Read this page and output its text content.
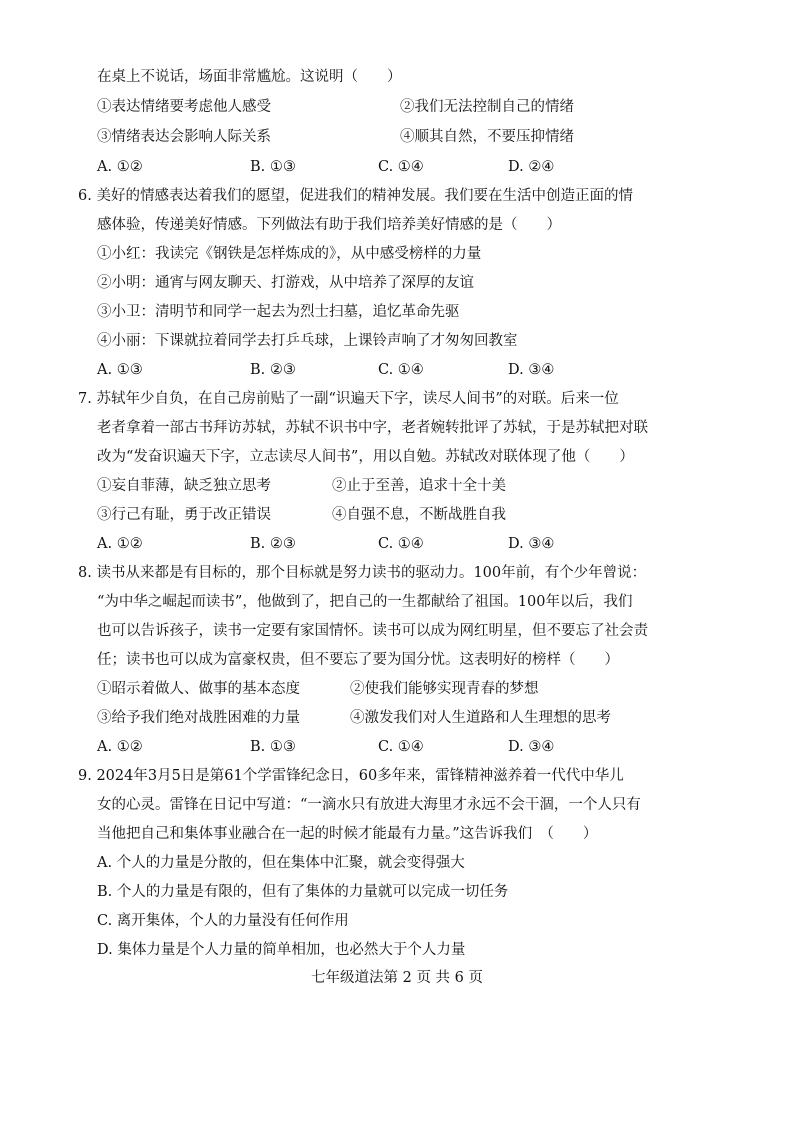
在桌上不说话，场面非常尴尬。这说明（　　）
①表达情绪要考虑他人感受	②我们无法控制自己的情绪
③情绪表达会影响人际关系	④顺其自然，不要压抑情绪
A. ①②	B. ①③	C. ①④	D. ②④
6. 美好的情感表达着我们的愿望，促进我们的精神发展。我们要在生活中创造正面的情
感体验，传递美好情感。下列做法有助于我们培养美好情感的是（　　）
①小红：我读完《钢铁是怎样炼成的》，从中感受榜样的力量
②小明：通宵与网友聊天、打游戏，从中培养了深厚的友谊
③小卫：清明节和同学一起去为烈士扫墓，追忆革命先驱
④小丽：下课就拉着同学去打乒乓球，上课铃声响了才匆匆回教室
A. ①③	B. ②③	C. ①④	D. ③④
7. 苏轼年少自负，在自己房前贴了一副“识遍天下字，读尽人间书”的对联。后来一位
老者拿着一部古书拜访苏轼，苏轼不识书中字，老者婉转批评了苏轼，于是苏轼把对联
改为“发奋识遍天下字，立志读尽人间书”，用以自勉。苏轼改对联体现了他（　　）
①妄自菲薄，缺乏独立思考	②止于至善，追求十全十美
③行己有耻，勇于改正错误	④自强不息，不断战胜自我
A. ①②	B. ②③	C. ①④	D. ③④
8. 读书从来都是有目标的，那个目标就是努力读书的驱动力。100年前，有个少年曾说：
“为中华之崛起而读书”，他做到了，把自己的一生都献给了祖国。100年以后，我们
也可以告诉孩子，读书一定要有家国情怀。读书可以成为网红明星，但不要忘了社会责
任；读书也可以成为富豪权贵，但不要忘了要为国分忧。这表明好的榜样（　　）
①昭示着做人、做事的基本态度	②使我们能够实现青春的梦想
③给予我们绝对战胜困难的力量	④激发我们对人生道路和人生理想的思考
A. ①②	B. ①③	C. ①④	D. ③④
9. 2024年3月5日是第61个学雷锋纪念日，60多年来，雷锋精神滋养着一代代中华儿
女的心灵。雷锋在日记中写道：“一滴水只有放进大海里才永远不会干涸，一个人只有
当他把自己和集体事业融合在一起的时候才能最有力量。”这告诉我们　（　　）
A. 个人的力量是分散的，但在集体中汇聚，就会变得强大
B. 个人的力量是有限的，但有了集体的力量就可以完成一切任务
C. 离开集体，个人的力量没有任何作用
D. 集体力量是个人力量的简单相加，也必然大于个人力量
七年级道法第 2 页 共 6 页
